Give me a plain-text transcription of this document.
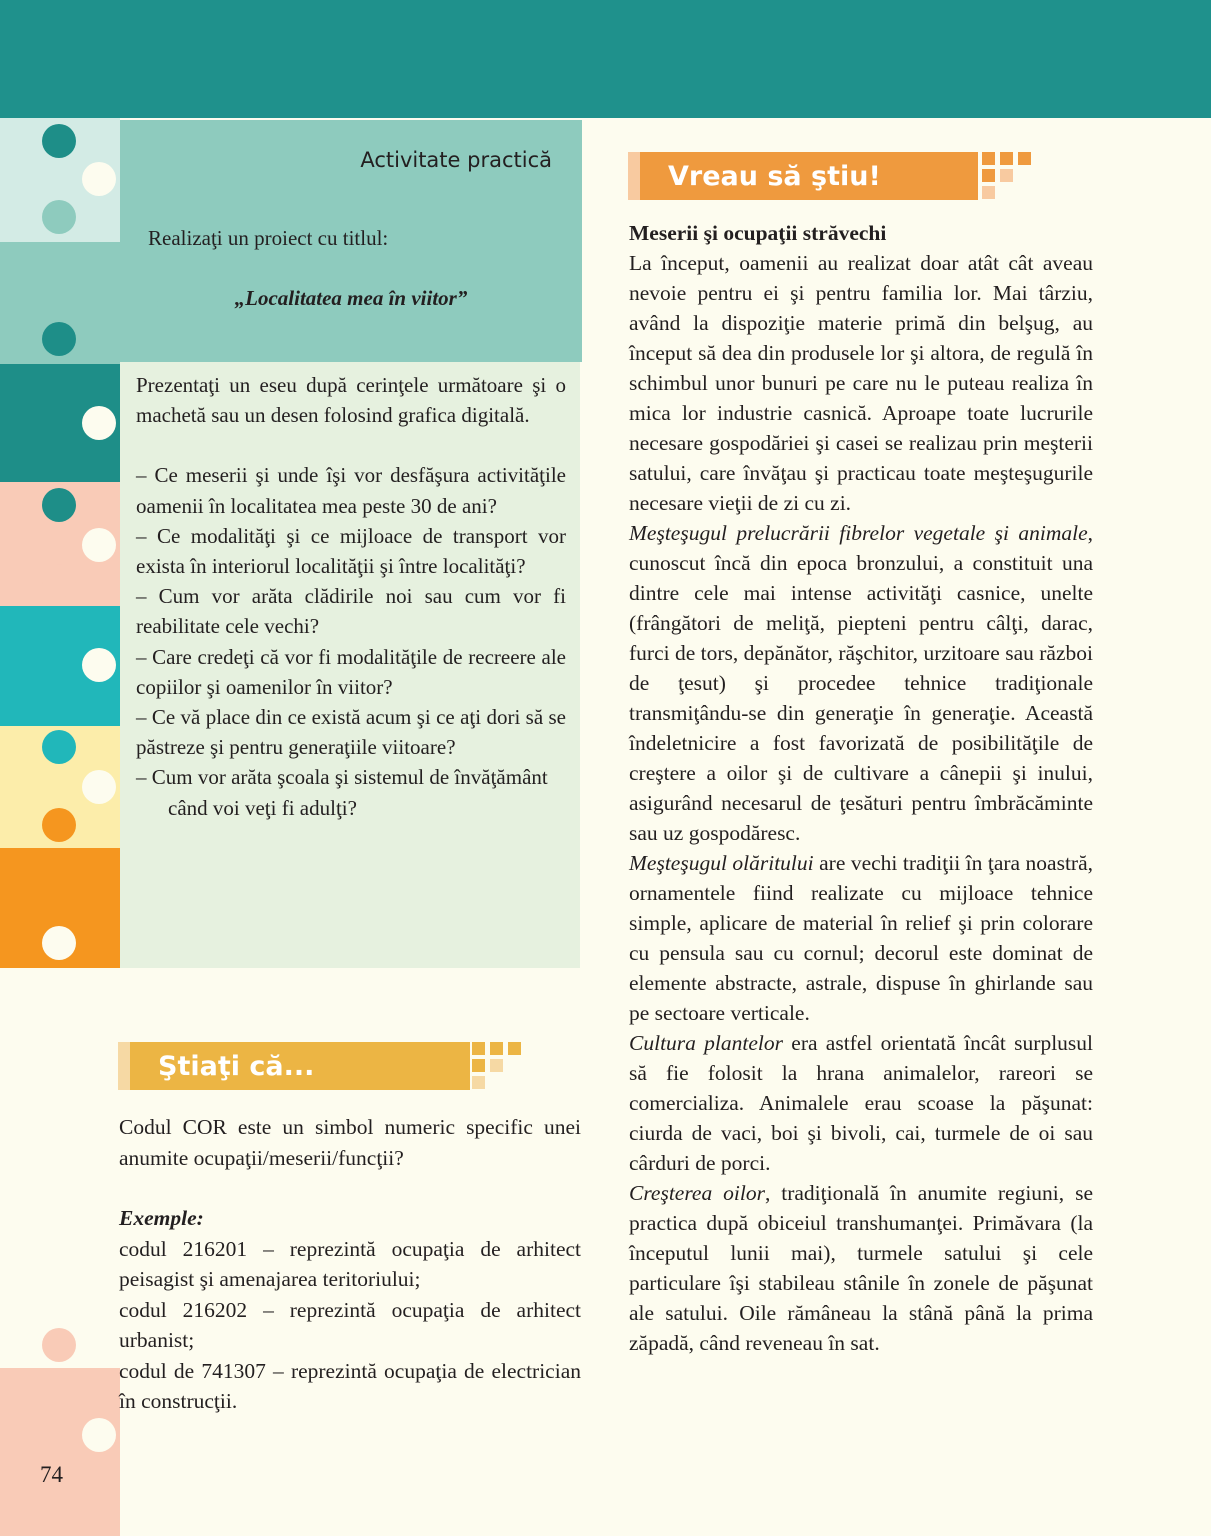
Activitate practică
Realizaţi un proiect cu titlul:
„Localitatea mea în viitor”

Prezentaţi un eseu după cerinţele următoare şi o machetă sau un desen folosind grafica digitală.

– Ce meserii şi unde îşi vor desfăşura activităţile oamenii în localitatea mea peste 30 de ani?

– Ce modalităţi şi ce mijloace de transport vor exista în interiorul localităţii şi între localităţi?

– Cum vor arăta clădirile noi sau cum vor fi reabilitate cele vechi?

– Care credeţi că vor fi modalităţile de recreere ale copiilor şi oamenilor în viitor?

– Ce vă place din ce există acum şi ce aţi dori să se păstreze şi pentru generaţiile viitoare?

– Cum vor arăta şcoala şi sistemul de învăţământ când voi veţi fi adulţi?

Ştiaţi că...

Codul COR este un simbol numeric specific unei anumite ocupaţii/meserii/funcţii?

Exemple:

codul 216201 – reprezintă ocupaţia de arhitect peisagist şi amenajarea teritoriului;

codul 216202 – reprezintă ocupaţia de arhitect urbanist;

codul de 741307 – reprezintă ocupaţia de electrician în construcţii.

Vreau să ştiu!

Meserii şi ocupaţii străvechi

La început, oamenii au realizat doar atât cât aveau nevoie pentru ei şi pentru familia lor. Mai târziu, având la dispoziţie materie primă din belşug, au început să dea din produsele lor şi altora, de regulă în schimbul unor bunuri pe care nu le puteau realiza în mica lor industrie casnică. Aproape toate lucrurile necesare gospodăriei şi casei se realizau prin meşterii satului, care învăţau şi practicau toate meşteşugurile necesare vieţii de zi cu zi.

Meşteşugul prelucrării fibrelor vegetale şi animale, cunoscut încă din epoca bronzului, a constituit una dintre cele mai intense activităţi casnice, unelte (frângători de meliţă, piepteni pentru câlţi, darac, furci de tors, depănător, răşchitor, urzitoare sau război de ţesut) şi procedee tehnice tradiţionale transmiţându-se din generaţie în generaţie. Această îndeletnicire a fost favorizată de posibilităţile de creştere a oilor şi de cultivare a cânepii şi inului, asigurând necesarul de ţesături pentru îmbrăcăminte sau uz gospodăresc.

Meşteşugul olăritului are vechi tradiţii în ţara noastră, ornamentele fiind realizate cu mijloace tehnice simple, aplicare de material în relief şi prin colorare cu pensula sau cu cornul; decorul este dominat de elemente abstracte, astrale, dispuse în ghirlande sau pe sectoare verticale.

Cultura plantelor era astfel orientată încât surplusul să fie folosit la hrana animalelor, rareori se comercializa. Animalele erau scoase la păşunat: ciurda de vaci, boi şi bivoli, cai, turmele de oi sau cârduri de porci.

Creşterea oilor, tradiţională în anumite regiuni, se practica după obiceiul transhumanţei. Primăvara (la începutul lunii mai), turmele satului şi cele particulare îşi stabileau stânile în zonele de păşunat ale satului. Oile rămâneau la stână până la prima zăpadă, când reveneau în sat.

74
